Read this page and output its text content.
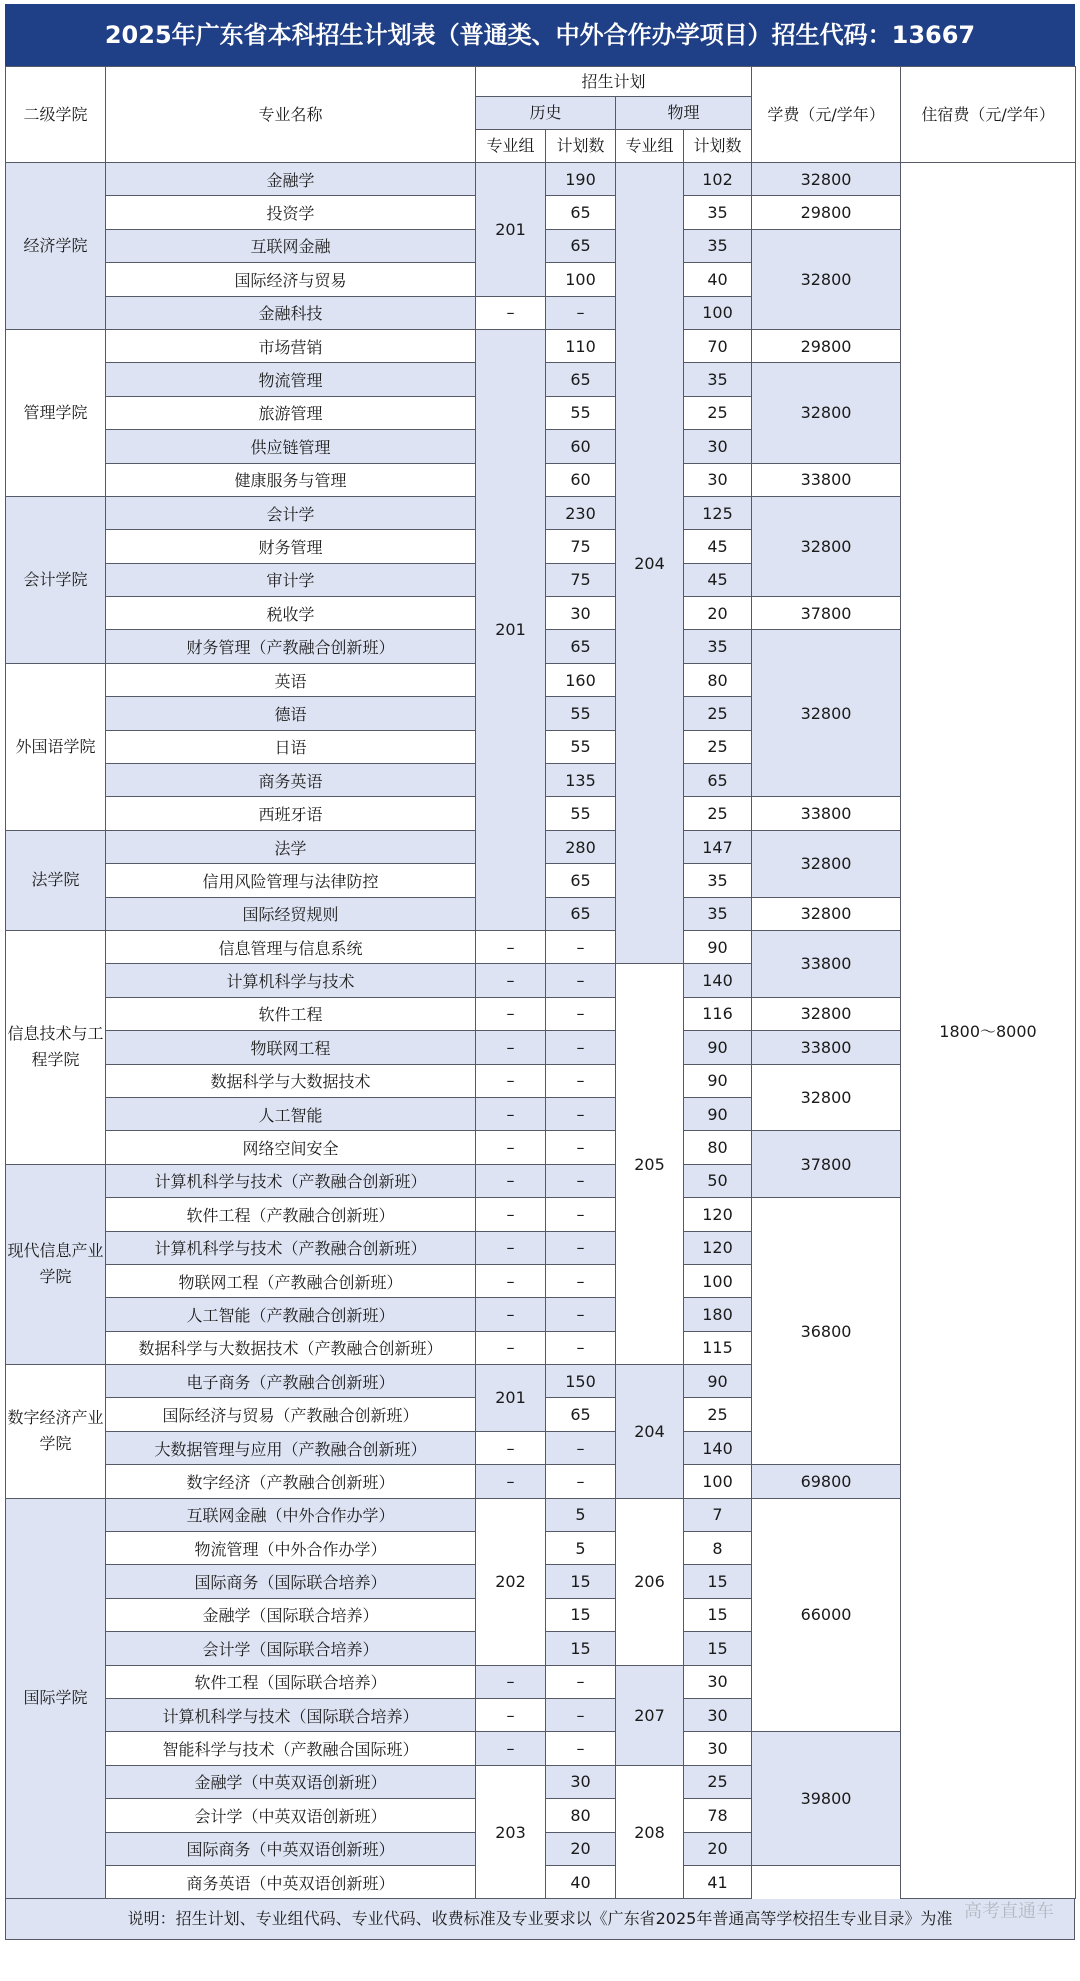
2025年广东省本科招生计划表（普通类、中外合作办学项目）招生代码：13667
二级学院	专业名称	招生计划				学费（元/学年）	住宿费（元/学年）
		历史		物理			
		专业组	计划数	专业组	计划数		
经济学院	金融学	201	190	204	102	32800	1800～8000
	投资学		65		35	29800	
	互联网金融		65		35	32800	
	国际经济与贸易		100		40		
	金融科技	–	–		100		
管理学院	市场营销	201	110		70	29800	
	物流管理		65		35	32800	
	旅游管理		55		25		
	供应链管理		60		30		
	健康服务与管理		60		30	33800	
会计学院	会计学		230		125	32800	
	财务管理		75		45		
	审计学		75		45		
	税收学		30		20	37800	
	财务管理（产教融合创新班）		65		35	32800	
外国语学院	英语		160		80		
	德语		55		25		
	日语		55		25		
	商务英语		135		65		
	西班牙语		55		25	33800	
法学院	法学		280		147	32800	
	信用风险管理与法律防控		65		35		
	国际经贸规则		65		35	32800	
信息技术与工程学院	信息管理与信息系统	–	–		90	33800	
	计算机科学与技术	–	–	205	140		
	软件工程	–	–		116	32800	
	物联网工程	–	–		90	33800	
	数据科学与大数据技术	–	–		90	32800	
	人工智能	–	–		90		
	网络空间安全	–	–		80	37800	
现代信息产业学院	计算机科学与技术（产教融合创新班）	–	–		50		
	软件工程（产教融合创新班）	–	–		120	36800	
	计算机科学与技术（产教融合创新班）	–	–		120		
	物联网工程（产教融合创新班）	–	–		100		
	人工智能（产教融合创新班）	–	–		180		
	数据科学与大数据技术（产教融合创新班）	–	–		115		
数字经济产业学院	电子商务（产教融合创新班）	201	150	204	90		
	国际经济与贸易（产教融合创新班）		65		25		
	大数据管理与应用（产教融合创新班）	–	–		140		
	数字经济（产教融合创新班）	–	–		100	69800	
国际学院	互联网金融（中外合作办学）	202	5	206	7	66000	
	物流管理（中外合作办学）		5		8		
	国际商务（国际联合培养）		15		15		
	金融学（国际联合培养）		15		15		
	会计学（国际联合培养）		15		15		
	软件工程（国际联合培养）	–	–	207	30		
	计算机科学与技术（国际联合培养）	–	–		30		
	智能科学与技术（产教融合国际班）	–	–		30	39800	
	金融学（中英双语创新班）	203	30	208	25		
	会计学（中英双语创新班）		80		78		
	国际商务（中英双语创新班）		20		20		
	商务英语（中英双语创新班）		40		41		
说明：招生计划、专业组代码、专业代码、收费标准及专业要求以《广东省2025年普通高等学校招生专业目录》为准 高考直通车
